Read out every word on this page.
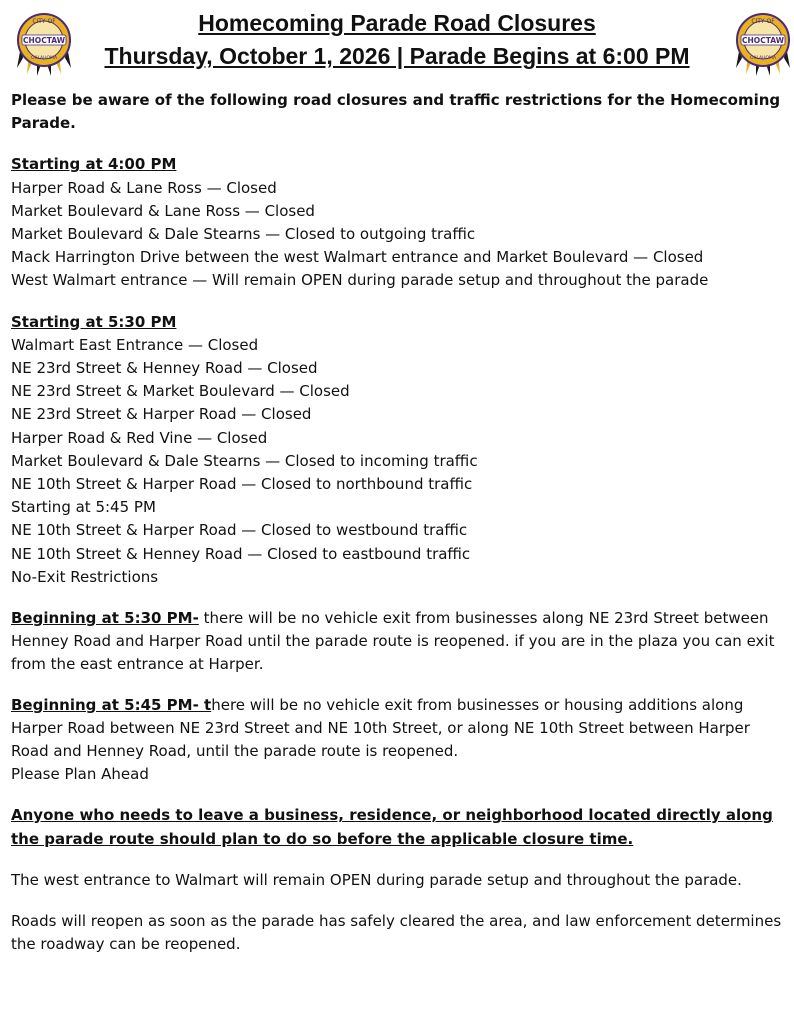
CITY OF
CHOCTAW
OKLAHOMA
Homecoming Parade Road Closures
Thursday, October 1, 2026 | Parade Begins at 6:00 PM
CITY OF
CHOCTAW
OKLAHOMA

Please be aware of the following road closures and traffic restrictions for the Homecoming Parade.

Starting at 4:00 PM
Harper Road & Lane Ross — Closed
Market Boulevard & Lane Ross — Closed
Market Boulevard & Dale Stearns — Closed to outgoing traffic
Mack Harrington Drive between the west Walmart entrance and Market Boulevard — Closed
West Walmart entrance — Will remain OPEN during parade setup and throughout the parade
Starting at 5:30 PM
Walmart East Entrance — Closed
NE 23rd Street & Henney Road — Closed
NE 23rd Street & Market Boulevard — Closed
NE 23rd Street & Harper Road — Closed
Harper Road & Red Vine — Closed
Market Boulevard & Dale Stearns — Closed to incoming traffic
NE 10th Street & Harper Road — Closed to northbound traffic
Starting at 5:45 PM
NE 10th Street & Harper Road — Closed to westbound traffic
NE 10th Street & Henney Road — Closed to eastbound traffic
No-Exit Restrictions

Beginning at 5:30 PM- there will be no vehicle exit from businesses along NE 23rd Street between Henney Road and Harper Road until the parade route is reopened. if you are in the plaza you can exit from the east entrance at Harper.

Beginning at 5:45 PM- there will be no vehicle exit from businesses or housing additions along Harper Road between NE 23rd Street and NE 10th Street, or along NE 10th Street between Harper Road and Henney Road, until the parade route is reopened.

Please Plan Ahead

Anyone who needs to leave a business, residence, or neighborhood located directly along the parade route should plan to do so before the applicable closure time.

The west entrance to Walmart will remain OPEN during parade setup and throughout the parade.

Roads will reopen as soon as the parade has safely cleared the area, and law enforcement determines the roadway can be reopened.
